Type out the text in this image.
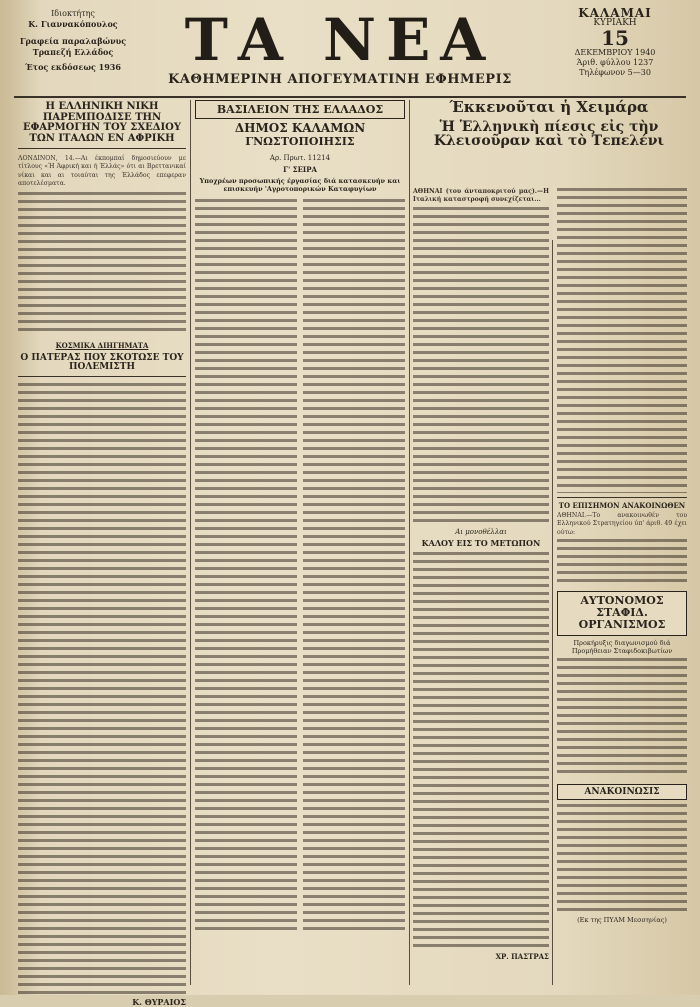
Ιδιοκτήτης
Κ. Γιαννακόπουλος
Γραφεία παραλαβώνυς
Τραπεζή Ελλάδος
Έτος εκδόσεως 1936	ΤΑ ΝΕΑ
ΚΑΘΗΜΕΡΙΝΗ ΑΠΟΓΕΥΜΑΤΙΝΗ ΕΦΗΜΕΡΙΣ
ΚΑΛΑΜΑΙ
ΚΥΡΙΑΚΗ
15
ΔΕΚΕΜΒΡΙΟΥ 1940
Άριθ. φύλλου 1237
Τηλέφωνον 5—30
Η ΕΛΛΗΝΙΚΗ ΝΙΚΗ ΠΑΡΕΜΠΟΔΙΣΕ ΤΗΝ ΕΦΑΡΜΟΓΗΝ ΤΟΥ ΣΧΕΔΙΟΥ ΤΩΝ ΙΤΑΛΩΝ ΕΝ ΑΦΡΙΚΗ
ΛΟΝΔΙΝΟΝ, 14.—Αι έκπομπαί δημοσιεύουν με τίτλους «Ή Άφρική και ή Έλλάς» ότι αι Βρεττανικαί νίκαι και αι τοιαύται της Έλλάδος επεφεραν αποτελέσματα.
ΚΟΣΜΙΚΑ ΔΙΗΓΗΜΑΤΑ
Ο ΠΑΤΕΡΑΣ ΠΟΥ ΣΚΟΤΩΣΕ ΤΟΥ ΠΟΛΕΜΙΣΤΗ
Κ. ΘΥΡΑΙΟΣ
ΒΑΣΙΛΕΙΟΝ ΤΗΣ ΕΛΛΑΔΟΣ
ΔΗΜΟΣ ΚΑΛΑΜΩΝ
ΓΝΩΣΤΟΠΟΙΗΣΙΣ
Αρ. Πρωτ. 11214
Γ' ΣΕΙΡΑ
Υποχρέων προσωπικής έργασίας διά κατασκευήν και επισκευήν 'Αγροτοπορικών Καταφυγίων
Έκκενοῦται ἡ Χειμάρα
Ἡ Ἑλληνικὴ πίεσις εἰς τὴν Κλεισοῦραν καὶ τὸ Τεπελένι
ΑΘΗΝΑΙ (του άνταποκριτού μας).—Η Ιταλική καταστροφή συνεχίζεται...
Αι μονοθέλλαι
ΚΑΛΟΥ ΕΙΣ ΤΟ ΜΕΤΩΠΟΝ
ΧΡ. ΠΑΣΤΡΑΣ
ΤΟ ΕΠΙΣΗΜΟΝ ΑΝΑΚΟΙΝΩΘΕΝ
ΑΘΗΝΑΙ.—Το ανακοινωθέν του Ελληνικού Στρατηγείου ύπ' άριθ. 49 έχει ούτω:
ΑΥΤΟΝΟΜΟΣ ΣΤΑΦΙΔ. ΟΡΓΑΝΙΣΜΟΣ
Προκήρυξις διαγωνισμού διά Προμήθειαν Σταφιδοκιβωτίων
ΑΝΑΚΟΙΝΩΣΙΣ
(Εκ της ΠΥΑΜ Μεσσηνίας)
